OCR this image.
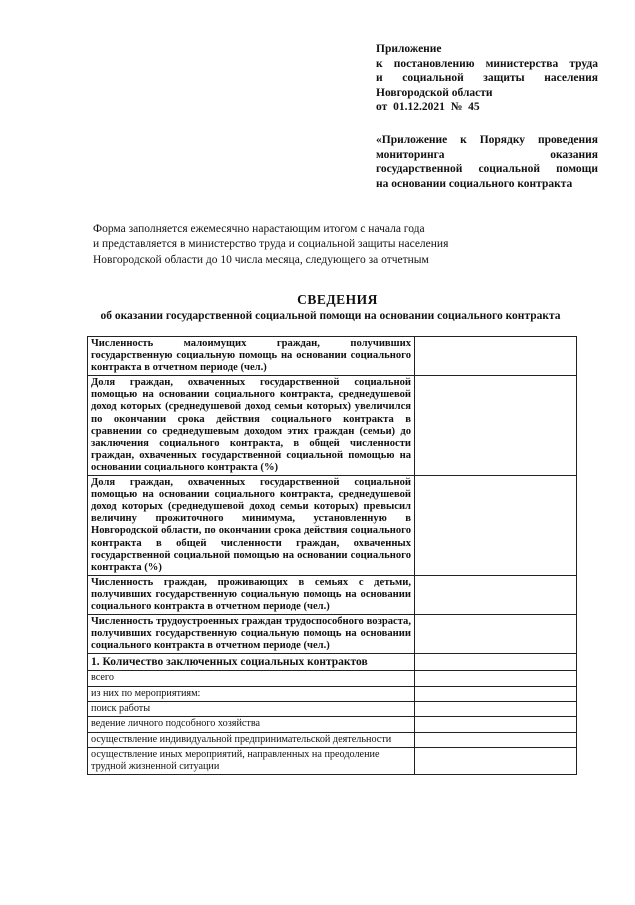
Приложение
к постановлению министерства труда
и социальной защиты населения
Новгородской области
от 01.12.2021 № 45
«Приложение к Порядку проведения
мониторинга оказания
государственной социальной помощи
на основании социального контракта
Форма заполняется ежемесячно нарастающим итогом с начала года
и представляется в министерство труда и социальной защиты населения
Новгородской области до 10 числа месяца, следующего за отчетным
СВЕДЕНИЯ
об оказании государственной социальной помощи на основании социального контракта
Численность малоимущих граждан, получивших государственную социальную помощь на основании социального контракта в отчетном периоде (чел.)	
Доля граждан, охваченных государственной социальной помощью на основании социального контракта, среднедушевой доход которых (среднедушевой доход семьи которых) увеличился по окончании срока действия социального контракта в сравнении со среднедушевым доходом этих граждан (семьи) до заключения социального контракта, в общей численности граждан, охваченных государственной социальной помощью на основании социального контракта (%)	
Доля граждан, охваченных государственной социальной помощью на основании социального контракта, среднедушевой доход которых (среднедушевой доход семьи которых) превысил величину прожиточного минимума, установленную в Новгородской области, по окончании срока действия социального контракта в общей численности граждан, охваченных государственной социальной помощью на основании социального контракта (%)	
Численность граждан, проживающих в семьях с детьми, получивших государственную социальную помощь на основании социального контракта в отчетном периоде (чел.)	
Численность трудоустроенных граждан трудоспособного возраста, получивших государственную социальную помощь на основании социального контракта в отчетном периоде (чел.)	
1. Количество заключенных социальных контрактов	
всего	
из них по мероприятиям:	
поиск работы	
ведение личного подсобного хозяйства	
осуществление индивидуальной предпринимательской деятельности	
осуществление иных мероприятий, направленных на преодоление трудной жизненной ситуации	
